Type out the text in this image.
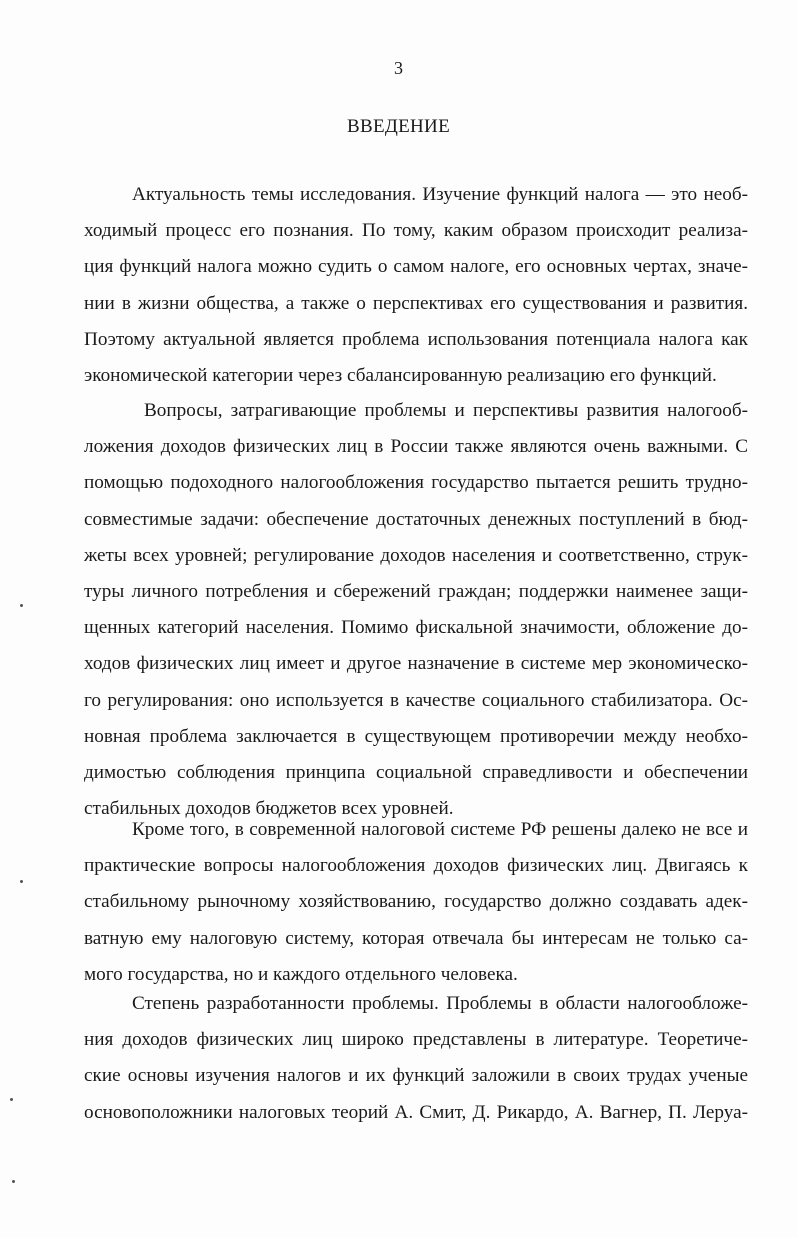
3
ВВЕДЕНИЕ
Актуальность темы исследования. Изучение функций налога — это необ-
ходимый процесс его познания. По тому, каким образом происходит реализа-
ция функций налога можно судить о самом налоге, его основных чертах, значе-
нии в жизни общества, а также о перспективах его существования и развития.
Поэтому актуальной является проблема использования потенциала налога как
экономической категории через сбалансированную реализацию его функций.
Вопросы, затрагивающие проблемы и перспективы развития налогооб-
ложения доходов физических лиц в России также являются очень важными. С
помощью подоходного налогообложения государство пытается решить трудно-
совместимые задачи: обеспечение достаточных денежных поступлений в бюд-
жеты всех уровней; регулирование доходов населения и соответственно, струк-
туры личного потребления и сбережений граждан; поддержки наименее защи-
щенных категорий населения. Помимо фискальной значимости, обложение до-
ходов физических лиц имеет и другое назначение в системе мер экономическо-
го регулирования: оно используется в качестве социального стабилизатора. Ос-
новная проблема заключается в существующем противоречии между необхо-
димостью соблюдения принципа социальной справедливости и обеспечении
стабильных доходов бюджетов всех уровней.
Кроме того, в современной налоговой системе РФ решены далеко не все и
практические вопросы налогообложения доходов физических лиц. Двигаясь к
стабильному рыночному хозяйствованию, государство должно создавать адек-
ватную ему налоговую систему, которая отвечала бы интересам не только са-
мого государства, но и каждого отдельного человека.
Степень разработанности проблемы. Проблемы в области налогообложе-
ния доходов физических лиц широко представлены в литературе. Теоретиче-
ские основы изучения налогов и их функций заложили в своих трудах ученые
основоположники налоговых теорий А. Смит, Д. Рикардо, А. Вагнер, П. Леруа-
